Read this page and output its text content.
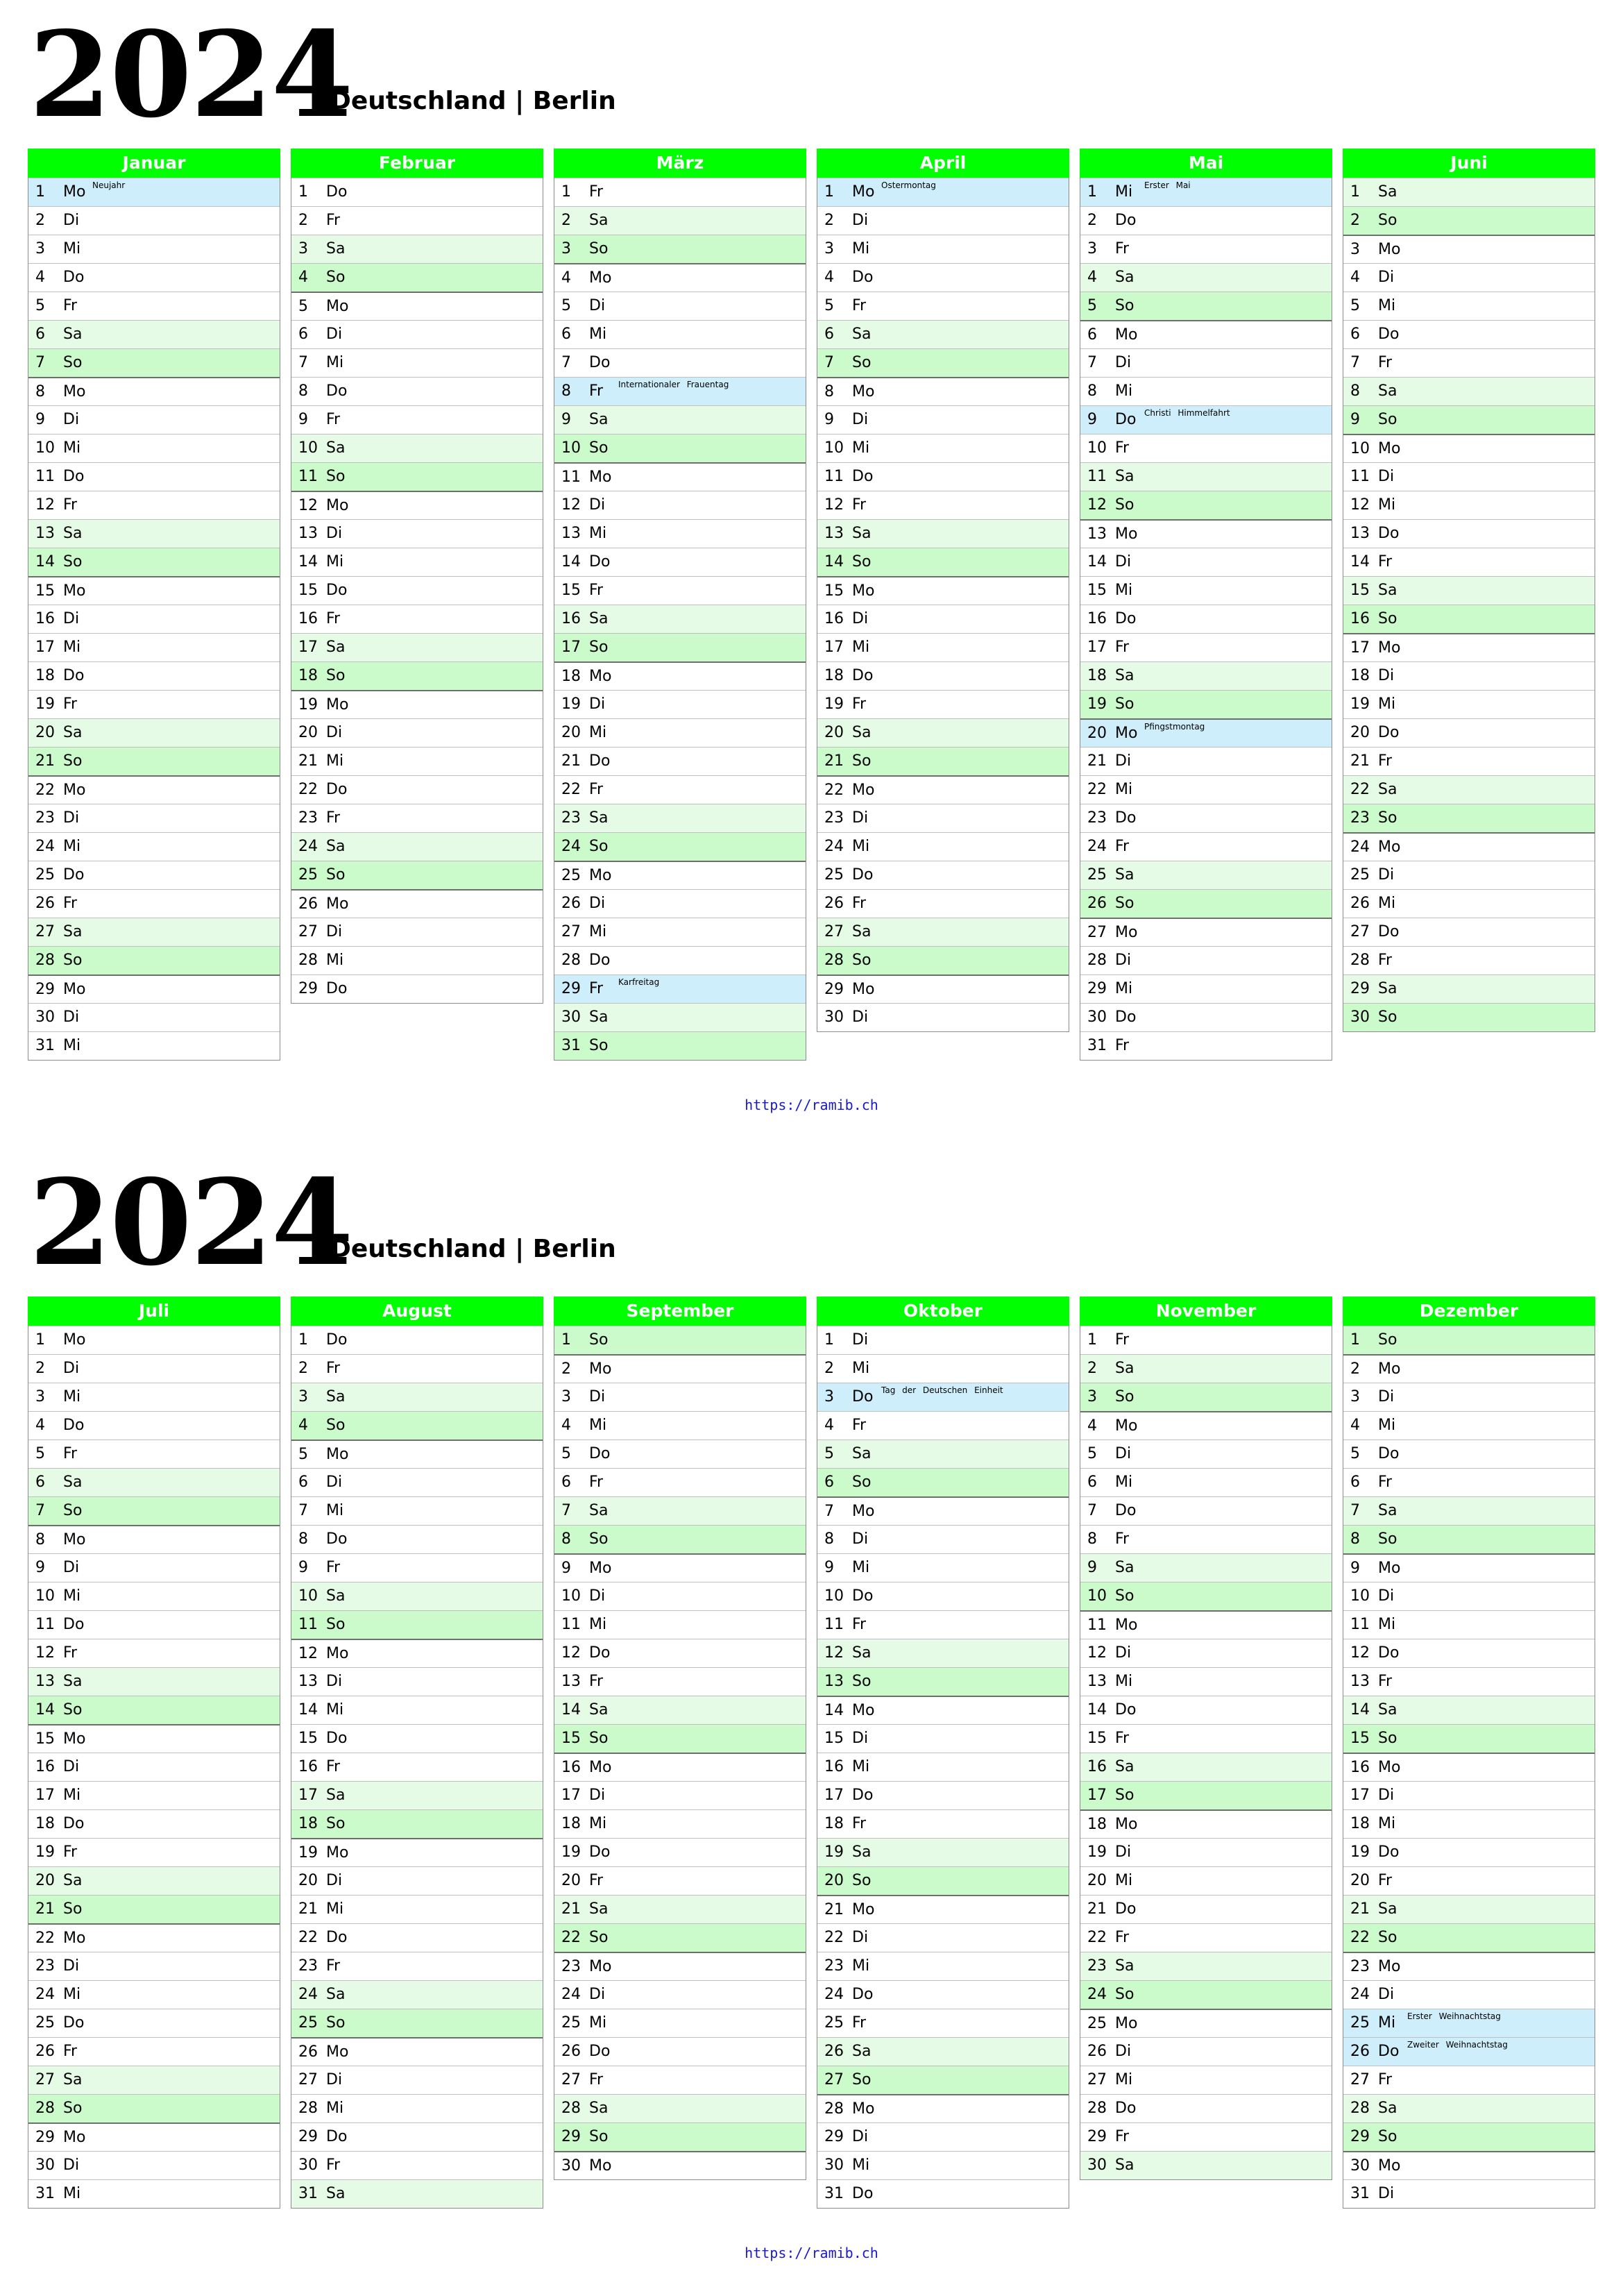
2024
Deutschland | Berlin
Januar
1 Mo Neujahr
2 Di
3 Mi
4 Do
5 Fr
6 Sa
7 So
8 Mo
9 Di
10 Mi
11 Do
12 Fr
13 Sa
14 So
15 Mo
16 Di
17 Mi
18 Do
19 Fr
20 Sa
21 So
22 Mo
23 Di
24 Mi
25 Do
26 Fr
27 Sa
28 So
29 Mo
30 Di
31 Mi
Februar
1 Do
2 Fr
3 Sa
4 So
5 Mo
6 Di
7 Mi
8 Do
9 Fr
10 Sa
11 So
12 Mo
13 Di
14 Mi
15 Do
16 Fr
17 Sa
18 So
19 Mo
20 Di
21 Mi
22 Do
23 Fr
24 Sa
25 So
26 Mo
27 Di
28 Mi
29 Do
März
1 Fr
2 Sa
3 So
4 Mo
5 Di
6 Mi
7 Do
8 Fr Internationaler Frauentag
9 Sa
10 So
11 Mo
12 Di
13 Mi
14 Do
15 Fr
16 Sa
17 So
18 Mo
19 Di
20 Mi
21 Do
22 Fr
23 Sa
24 So
25 Mo
26 Di
27 Mi
28 Do
29 Fr Karfreitag
30 Sa
31 So
April
1 Mo Ostermontag
2 Di
3 Mi
4 Do
5 Fr
6 Sa
7 So
8 Mo
9 Di
10 Mi
11 Do
12 Fr
13 Sa
14 So
15 Mo
16 Di
17 Mi
18 Do
19 Fr
20 Sa
21 So
22 Mo
23 Di
24 Mi
25 Do
26 Fr
27 Sa
28 So
29 Mo
30 Di
Mai
1 Mi Erster Mai
2 Do
3 Fr
4 Sa
5 So
6 Mo
7 Di
8 Mi
9 Do Christi Himmelfahrt
10 Fr
11 Sa
12 So
13 Mo
14 Di
15 Mi
16 Do
17 Fr
18 Sa
19 So
20 Mo Pfingstmontag
21 Di
22 Mi
23 Do
24 Fr
25 Sa
26 So
27 Mo
28 Di
29 Mi
30 Do
31 Fr
Juni
1 Sa
2 So
3 Mo
4 Di
5 Mi
6 Do
7 Fr
8 Sa
9 So
10 Mo
11 Di
12 Mi
13 Do
14 Fr
15 Sa
16 So
17 Mo
18 Di
19 Mi
20 Do
21 Fr
22 Sa
23 So
24 Mo
25 Di
26 Mi
27 Do
28 Fr
29 Sa
30 So
https://ramib.ch
2024
Deutschland | Berlin
Juli
1 Mo
2 Di
3 Mi
4 Do
5 Fr
6 Sa
7 So
8 Mo
9 Di
10 Mi
11 Do
12 Fr
13 Sa
14 So
15 Mo
16 Di
17 Mi
18 Do
19 Fr
20 Sa
21 So
22 Mo
23 Di
24 Mi
25 Do
26 Fr
27 Sa
28 So
29 Mo
30 Di
31 Mi
August
1 Do
2 Fr
3 Sa
4 So
5 Mo
6 Di
7 Mi
8 Do
9 Fr
10 Sa
11 So
12 Mo
13 Di
14 Mi
15 Do
16 Fr
17 Sa
18 So
19 Mo
20 Di
21 Mi
22 Do
23 Fr
24 Sa
25 So
26 Mo
27 Di
28 Mi
29 Do
30 Fr
31 Sa
September
1 So
2 Mo
3 Di
4 Mi
5 Do
6 Fr
7 Sa
8 So
9 Mo
10 Di
11 Mi
12 Do
13 Fr
14 Sa
15 So
16 Mo
17 Di
18 Mi
19 Do
20 Fr
21 Sa
22 So
23 Mo
24 Di
25 Mi
26 Do
27 Fr
28 Sa
29 So
30 Mo
Oktober
1 Di
2 Mi
3 Do Tag der Deutschen Einheit
4 Fr
5 Sa
6 So
7 Mo
8 Di
9 Mi
10 Do
11 Fr
12 Sa
13 So
14 Mo
15 Di
16 Mi
17 Do
18 Fr
19 Sa
20 So
21 Mo
22 Di
23 Mi
24 Do
25 Fr
26 Sa
27 So
28 Mo
29 Di
30 Mi
31 Do
November
1 Fr
2 Sa
3 So
4 Mo
5 Di
6 Mi
7 Do
8 Fr
9 Sa
10 So
11 Mo
12 Di
13 Mi
14 Do
15 Fr
16 Sa
17 So
18 Mo
19 Di
20 Mi
21 Do
22 Fr
23 Sa
24 So
25 Mo
26 Di
27 Mi
28 Do
29 Fr
30 Sa
Dezember
1 So
2 Mo
3 Di
4 Mi
5 Do
6 Fr
7 Sa
8 So
9 Mo
10 Di
11 Mi
12 Do
13 Fr
14 Sa
15 So
16 Mo
17 Di
18 Mi
19 Do
20 Fr
21 Sa
22 So
23 Mo
24 Di
25 Mi Erster Weihnachtstag
26 Do Zweiter Weihnachtstag
27 Fr
28 Sa
29 So
30 Mo
31 Di
https://ramib.ch
